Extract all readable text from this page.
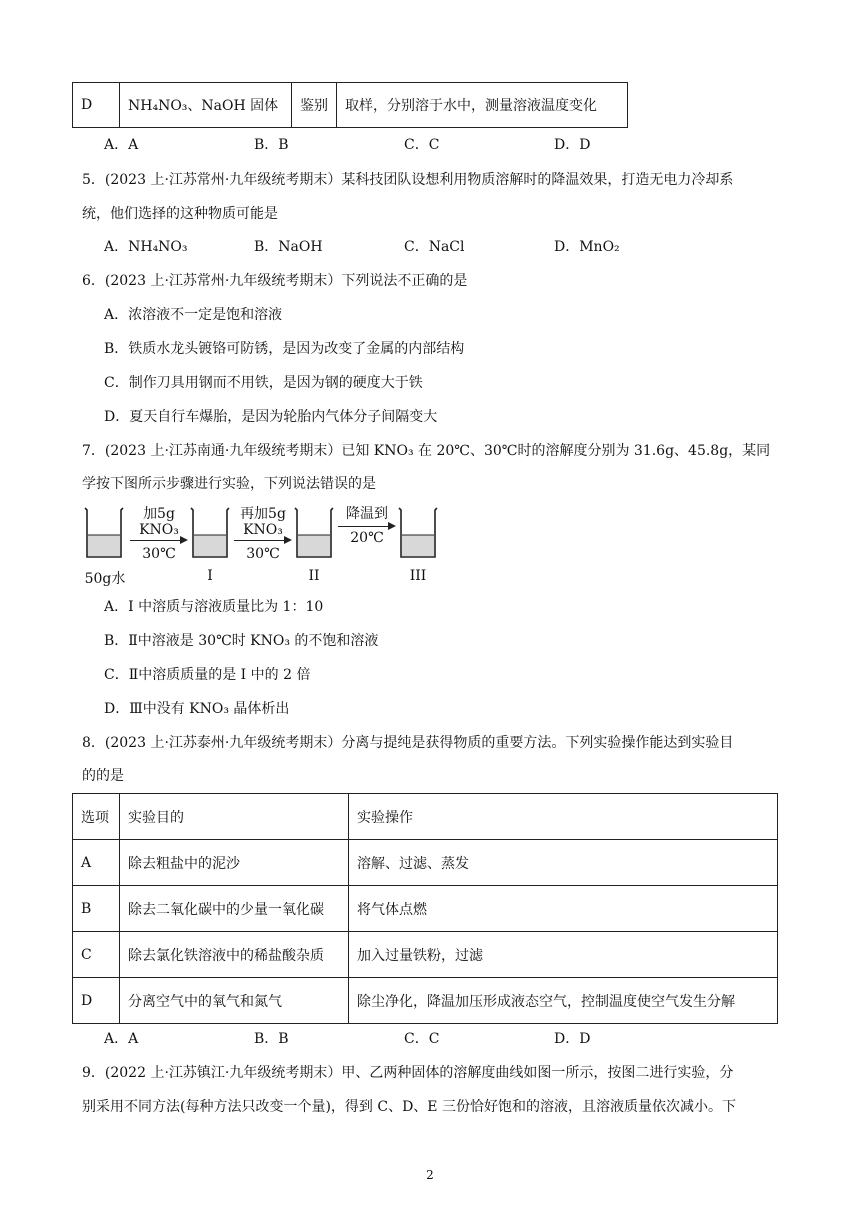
D	NH₄NO₃、NaOH 固体	鉴别	取样，分别溶于水中，测量溶液温度变化
A．A	B．B	C．C	D．D
5．(2023 上·江苏常州·九年级统考期末）某科技团队设想利用物质溶解时的降温效果，打造无电力冷却系
统，他们选择的这种物质可能是
A．NH₄NO₃	B．NaOH	C．NaCl	D．MnO₂
6．(2023 上·江苏常州·九年级统考期末）下列说法不正确的是
A．浓溶液不一定是饱和溶液
B．铁质水龙头镀铬可防锈，是因为改变了金属的内部结构
C．制作刀具用钢而不用铁，是因为钢的硬度大于铁
D．夏天自行车爆胎，是因为轮胎内气体分子间隔变大
7．(2023 上·江苏南通·九年级统考期末）已知 KNO₃ 在 20℃、30℃时的溶解度分别为 31.6g、45.8g，某同
学按下图所示步骤进行实验，下列说法错误的是
加5g
KNO₃
30℃
再加5g
KNO₃
30℃
降温到
20℃
50g水	I	II	III
A．I 中溶质与溶液质量比为 1：10
B．Ⅱ中溶液是 30℃时 KNO₃ 的不饱和溶液
C．Ⅱ中溶质质量的是 I 中的 2 倍
D．Ⅲ中没有 KNO₃ 晶体析出
8．(2023 上·江苏泰州·九年级统考期末）分离与提纯是获得物质的重要方法。下列实验操作能达到实验目
的的是
选项	实验目的	实验操作
A	除去粗盐中的泥沙	溶解、过滤、蒸发
B	除去二氧化碳中的少量一氧化碳	将气体点燃
C	除去氯化铁溶液中的稀盐酸杂质	加入过量铁粉，过滤
D	分离空气中的氧气和氮气	除尘净化，降温加压形成液态空气，控制温度使空气发生分解
A．A	B．B	C．C	D．D
9．(2022 上·江苏镇江·九年级统考期末）甲、乙两种固体的溶解度曲线如图一所示，按图二进行实验，分
别采用不同方法(每种方法只改变一个量)，得到 C、D、E 三份恰好饱和的溶液，且溶液质量依次减小。下
2
